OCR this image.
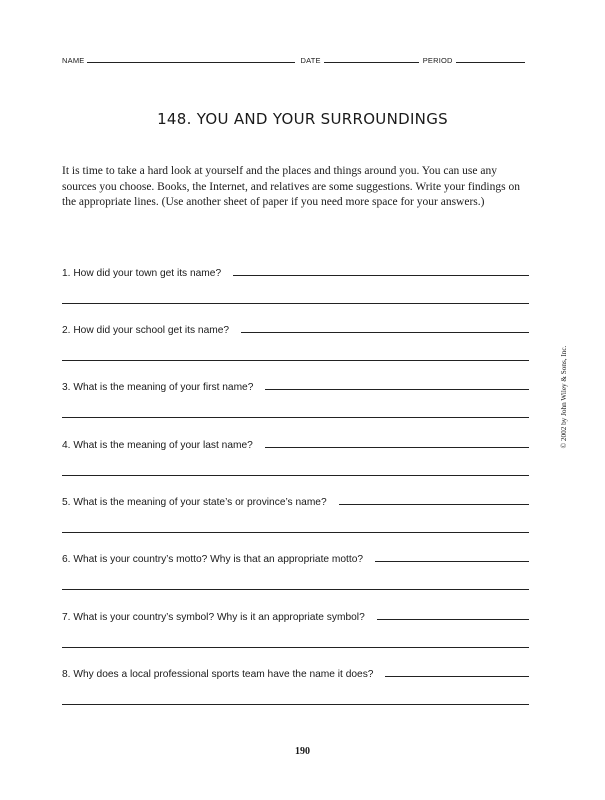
NAME	DATE	PERIOD
148. YOU AND YOUR SURROUNDINGS

It is time to take a hard look at yourself and the places and things around you. You can use any sources you choose. Books, the Internet, and relatives are some suggestions. Write your findings on the appropriate lines. (Use another sheet of paper if you need more space for your answers.)

1. How did your town get its name?
2. How did your school get its name?
3. What is the meaning of your first name?
4. What is the meaning of your last name?
5. What is the meaning of your state’s or province’s name?
6. What is your country’s motto? Why is that an appropriate motto?
7. What is your country’s symbol? Why is it an appropriate symbol?
8. Why does a local professional sports team have the name it does?
© 2002 by John Wiley & Sons, Inc.
190
